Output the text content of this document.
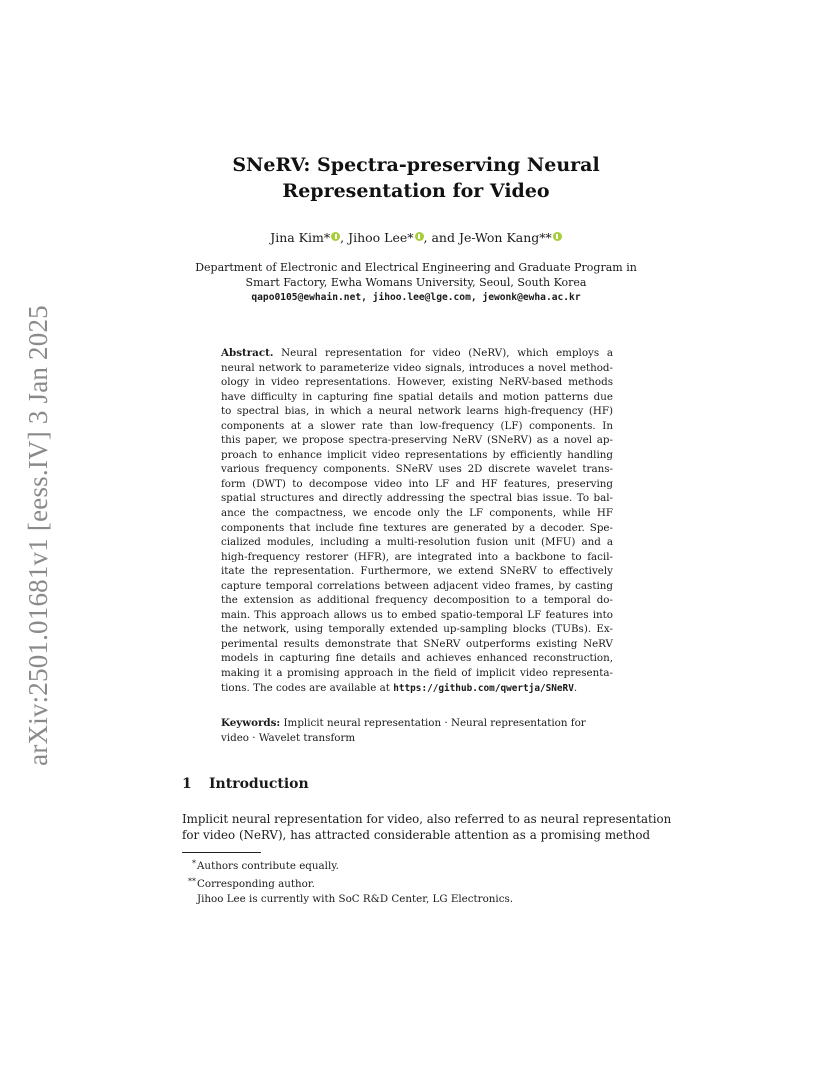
arXiv:2501.01681v1 [eess.IV] 3 Jan 2025
SNeRV: Spectra-preserving Neural
Representation for Video
Jina Kim* , Jihoo Lee* , and Je-Won Kang**
Department of Electronic and Electrical Engineering and Graduate Program in
Smart Factory, Ewha Womans University, Seoul, South Korea
qapo0105@ewhain.net, jihoo.lee@lge.com, jewonk@ewha.ac.kr
Abstract. Neural representation for video (NeRV), which employs a
neural network to parameterize video signals, introduces a novel method-
ology in video representations. However, existing NeRV-based methods
have difficulty in capturing fine spatial details and motion patterns due
to spectral bias, in which a neural network learns high-frequency (HF)
components at a slower rate than low-frequency (LF) components. In
this paper, we propose spectra-preserving NeRV (SNeRV) as a novel ap-
proach to enhance implicit video representations by efficiently handling
various frequency components. SNeRV uses 2D discrete wavelet trans-
form (DWT) to decompose video into LF and HF features, preserving
spatial structures and directly addressing the spectral bias issue. To bal-
ance the compactness, we encode only the LF components, while HF
components that include fine textures are generated by a decoder. Spe-
cialized modules, including a multi-resolution fusion unit (MFU) and a
high-frequency restorer (HFR), are integrated into a backbone to facil-
itate the representation. Furthermore, we extend SNeRV to effectively
capture temporal correlations between adjacent video frames, by casting
the extension as additional frequency decomposition to a temporal do-
main. This approach allows us to embed spatio-temporal LF features into
the network, using temporally extended up-sampling blocks (TUBs). Ex-
perimental results demonstrate that SNeRV outperforms existing NeRV
models in capturing fine details and achieves enhanced reconstruction,
making it a promising approach in the field of implicit video representa-
tions. The codes are available at https://github.com/qwertja/SNeRV.
Keywords: Implicit neural representation · Neural representation for
video · Wavelet transform
1 Introduction
Implicit neural representation for video, also referred to as neural representation
for video (NeRV), has attracted considerable attention as a promising method
*Authors contribute equally.
**Corresponding author.
Jihoo Lee is currently with SoC R&D Center, LG Electronics.
